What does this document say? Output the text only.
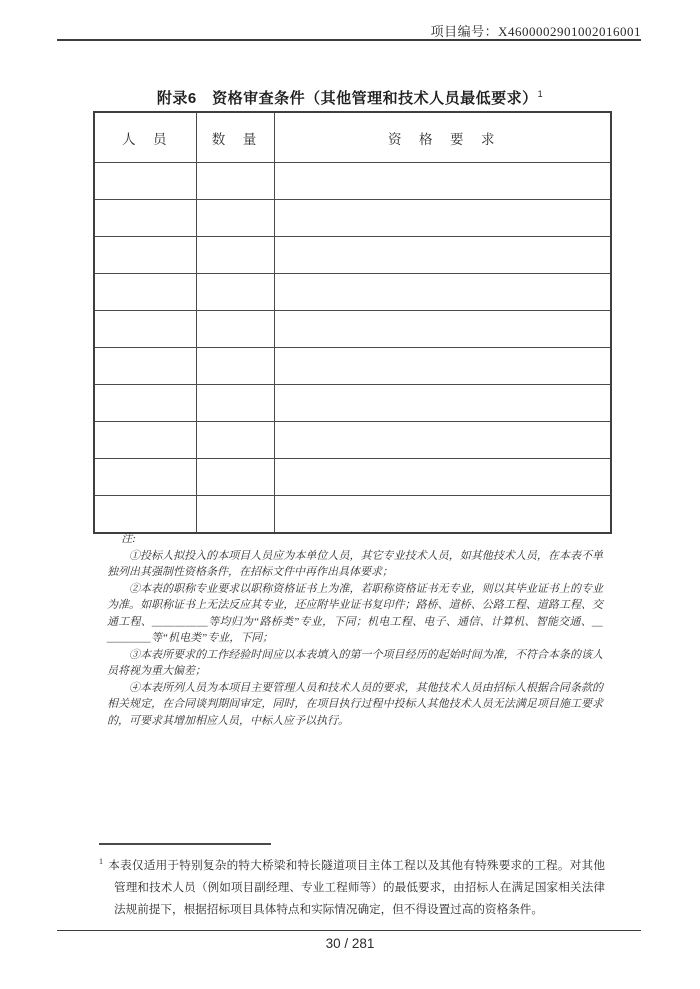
项目编号：X4600002901002016001
附录6　资格审查条件（其他管理和技术人员最低要求）$^1$
人　员	数　量	资　格　要　求

注:

①投标人拟投入的本项目人员应为本单位人员，其它专业技术人员，如其他技术人员，在本表不单独列出其强制性资格条件，在招标文件中再作出具体要求；

②本表的职称专业要求以职称资格证书上为准，若职称资格证书无专业，则以其毕业证书上的专业为准。如职称证书上无法反应其专业，还应附毕业证书复印件；路桥、道桥、公路工程、道路工程、交通工程、＿＿＿＿＿等均归为“路桥类”专业，下同；机电工程、电子、通信、计算机、智能交通、＿＿＿＿＿等“机电类”专业，下同；

③本表所要求的工作经验时间应以本表填入的第一个项目经历的起始时间为准，不符合本条的该人员将视为重大偏差；

④本表所列人员为本项目主要管理人员和技术人员的要求，其他技术人员由招标人根据合同条款的相关规定，在合同谈判期间审定，同时，在项目执行过程中投标人其他技术人员无法满足项目施工要求的，可要求其增加相应人员，中标人应予以执行。

$^1$ 本表仅适用于特别复杂的特大桥梁和特长隧道项目主体工程以及其他有特殊要求的工程。对其他管理和技术人员（例如项目副经理、专业工程师等）的最低要求，由招标人在满足国家相关法律法规前提下，根据招标项目具体特点和实际情况确定，但不得设置过高的资格条件。

30 / 281
